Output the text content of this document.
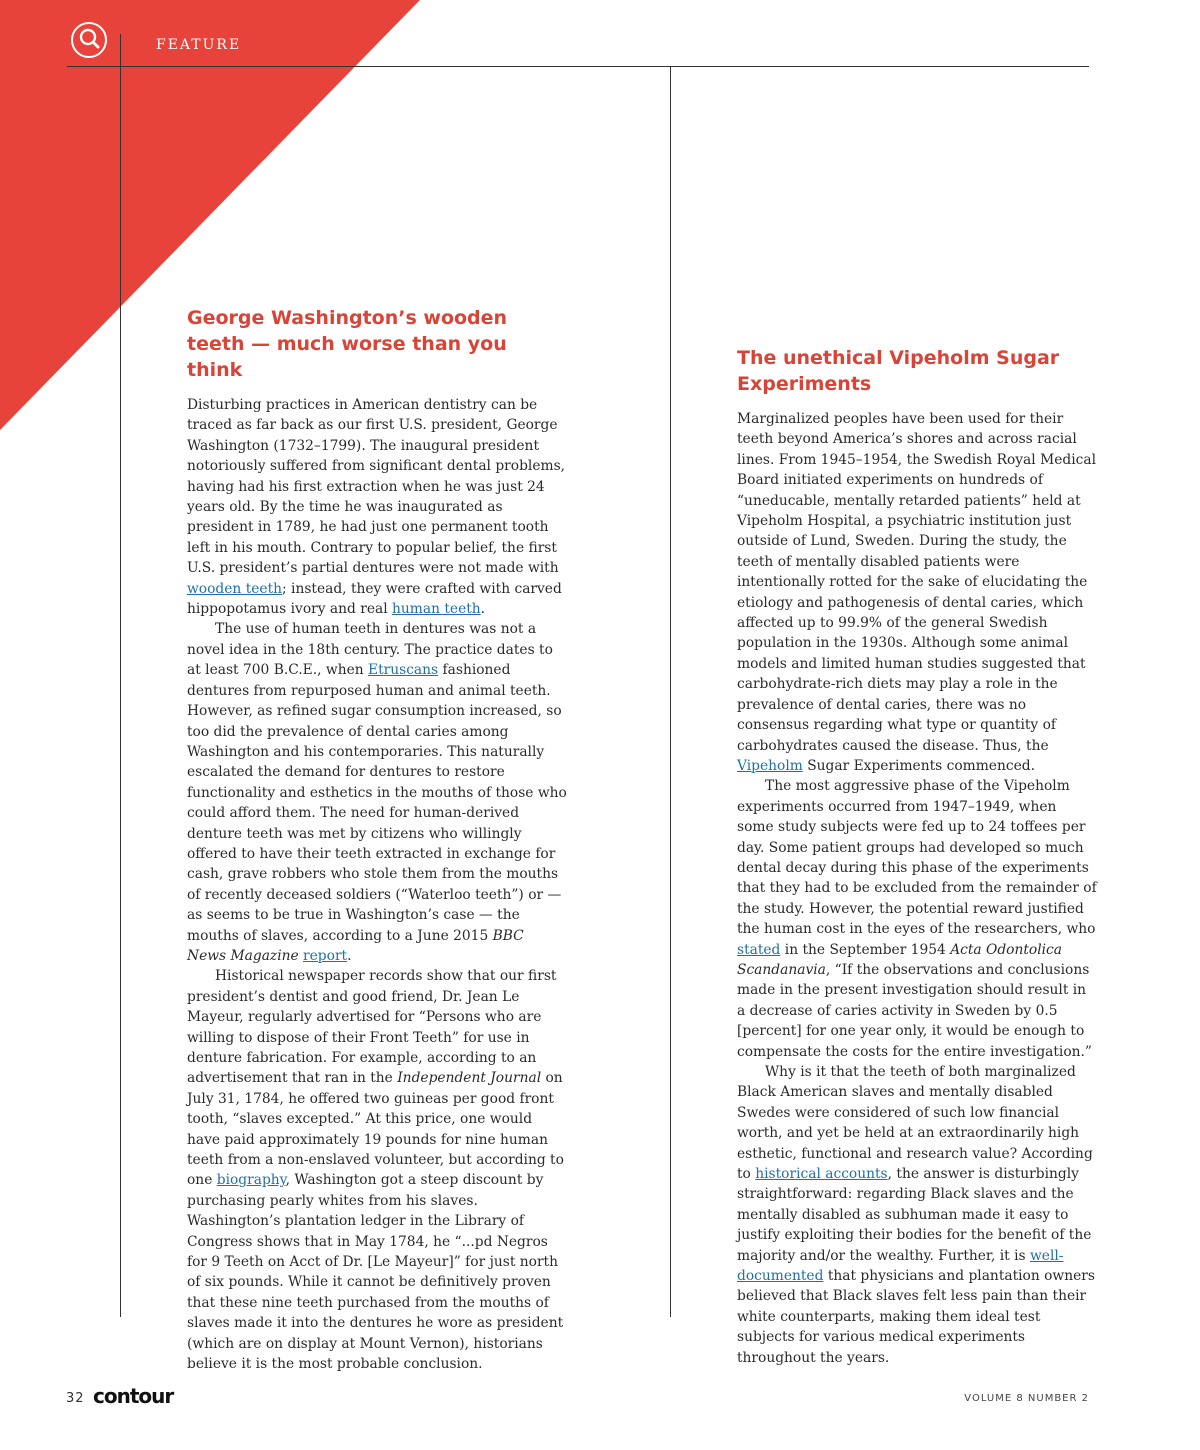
FEATURE
George Washington’s wooden teeth — much worse than you think

Disturbing practices in American dentistry can be traced as far back as our first U.S. president, George Washington (1732–1799). The inaugural president notoriously suffered from significant dental problems, having had his first extraction when he was just 24 years old. By the time he was inaugurated as president in 1789, he had just one permanent tooth left in his mouth. Contrary to popular belief, the first U.S. president’s partial dentures were not made with wooden teeth; instead, they were crafted with carved hippopotamus ivory and real human teeth.

The use of human teeth in dentures was not a novel idea in the 18th century. The practice dates to at least 700 B.C.E., when Etruscans fashioned dentures from repurposed human and animal teeth. However, as refined sugar consumption increased, so too did the prevalence of dental caries among Washington and his contemporaries. This naturally escalated the demand for dentures to restore functionality and esthetics in the mouths of those who could afford them. The need for human-derived denture teeth was met by citizens who willingly offered to have their teeth extracted in exchange for cash, grave robbers who stole them from the mouths of recently deceased soldiers (“Waterloo teeth”) or — as seems to be true in Washington’s case — the mouths of slaves, according to a June 2015 BBC News Magazine report.

Historical newspaper records show that our first president’s dentist and good friend, Dr. Jean Le Mayeur, regularly advertised for “Persons who are willing to dispose of their Front Teeth” for use in denture fabrication. For example, according to an advertisement that ran in the Independent Journal on July 31, 1784, he offered two guineas per good front tooth, “slaves excepted.” At this price, one would have paid approximately 19 pounds for nine human teeth from a non-enslaved volunteer, but according to one biography, Washington got a steep discount by purchasing pearly whites from his slaves. Washington’s plantation ledger in the Library of Congress shows that in May 1784, he “...pd Negros for 9 Teeth on Acct of Dr. [Le Mayeur]” for just north of six pounds. While it cannot be definitively proven that these nine teeth purchased from the mouths of slaves made it into the dentures he wore as president (which are on display at Mount Vernon), historians believe it is the most probable conclusion.

The unethical Vipeholm Sugar Experiments

Marginalized peoples have been used for their teeth beyond America’s shores and across racial lines. From 1945–1954, the Swedish Royal Medical Board initiated experiments on hundreds of “uneducable, mentally retarded patients” held at Vipeholm Hospital, a psychiatric institution just outside of Lund, Sweden. During the study, the teeth of mentally disabled patients were intentionally rotted for the sake of elucidating the etiology and pathogenesis of dental caries, which affected up to 99.9% of the general Swedish population in the 1930s. Although some animal models and limited human studies suggested that carbohydrate-rich diets may play a role in the prevalence of dental caries, there was no consensus regarding what type or quantity of carbohydrates caused the disease. Thus, the Vipeholm Sugar Experiments commenced.

The most aggressive phase of the Vipeholm experiments occurred from 1947–1949, when some study subjects were fed up to 24 toffees per day. Some patient groups had developed so much dental decay during this phase of the experiments that they had to be excluded from the remainder of the study. However, the potential reward justified the human cost in the eyes of the researchers, who stated in the September 1954 Acta Odontolica Scandanavia, “If the observations and conclusions made in the present investigation should result in a decrease of caries activity in Sweden by 0.5 [percent] for one year only, it would be enough to compensate the costs for the entire investigation.”

Why is it that the teeth of both marginalized Black American slaves and mentally disabled Swedes were considered of such low financial worth, and yet be held at an extraordinarily high esthetic, functional and research value? According to historical accounts, the answer is disturbingly straightforward: regarding Black slaves and the mentally disabled as subhuman made it easy to justify exploiting their bodies for the benefit of the majority and/or the wealthy. Further, it is well-documented that physicians and plantation owners believed that Black slaves felt less pain than their white counterparts, making them ideal test subjects for various medical experiments throughout the years.

32 contour	VOLUME 8 NUMBER 2
